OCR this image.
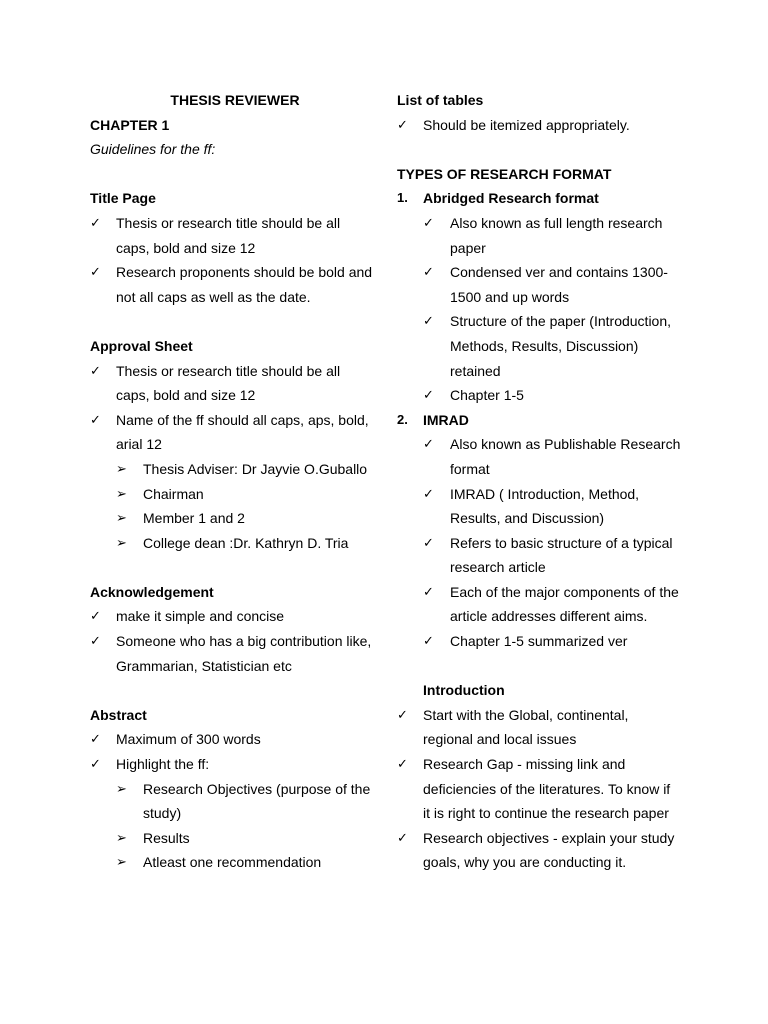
THESIS REVIEWER
CHAPTER 1
Guidelines for the ff:
Title Page
✓	Thesis or research title should be all
caps, bold and size 12
✓	Research proponents should be bold and
not all caps as well as the date.
Approval Sheet
✓	Thesis or research title should be all
caps, bold and size 12
✓	Name of the ff should all caps, aps, bold,
arial 12
➢	Thesis Adviser: Dr Jayvie O.Guballo
➢	Chairman
➢	Member 1 and 2
➢	College dean :Dr. Kathryn D. Tria
Acknowledgement
✓	make it simple and concise
✓	Someone who has a big contribution like,
Grammarian, Statistician etc
Abstract
✓	Maximum of 300 words
✓	Highlight the ff:
➢	Research Objectives (purpose of the
study)
➢	Results
➢	Atleast one recommendation
List of tables
✓	Should be itemized appropriately.
TYPES OF RESEARCH FORMAT
1.	Abridged Research format
✓	Also known as full length research
paper
✓	Condensed ver and contains 1300-
1500 and up words
✓	Structure of the paper (Introduction,
Methods, Results, Discussion)
retained
✓	Chapter 1-5
2.	IMRAD
✓	Also known as Publishable Research
format
✓	IMRAD ( Introduction, Method,
Results, and Discussion)
✓	Refers to basic structure of a typical
research article
✓	Each of the major components of the
article addresses different aims.
✓	Chapter 1-5 summarized ver
Introduction
✓	Start with the Global, continental,
regional and local issues
✓	Research Gap - missing link and
deficiencies of the literatures. To know if
it is right to continue the research paper
✓	Research objectives - explain your study
goals, why you are conducting it.
